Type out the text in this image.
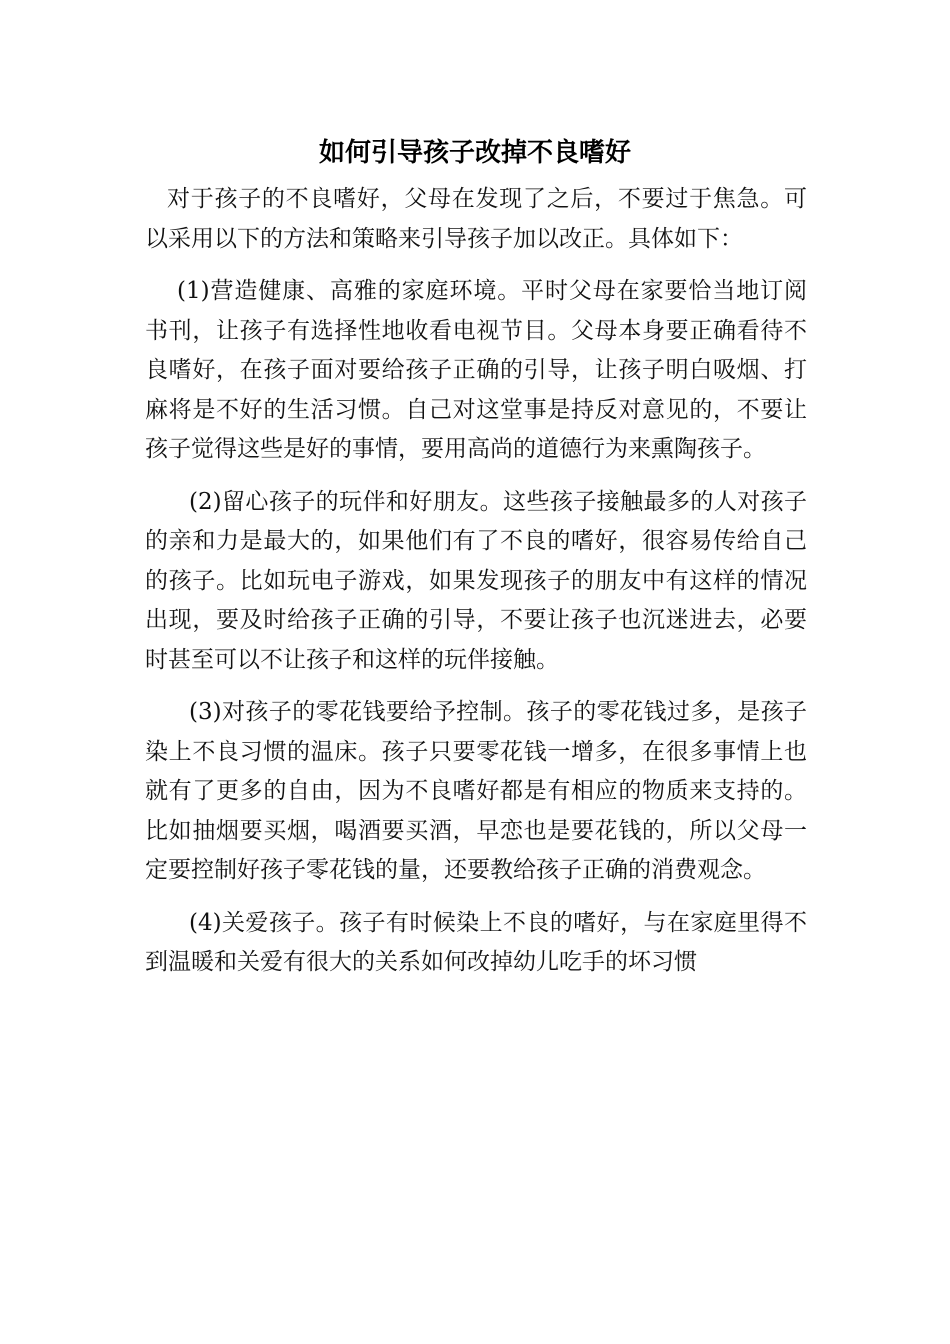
如何引导孩子改掉不良嗜好

对于孩子的不良嗜好，父母在发现了之后，不要过于焦急。可以采用以下的方法和策略来引导孩子加以改正。具体如下：

(1)营造健康、高雅的家庭环境。平时父母在家要恰当地订阅书刊，让孩子有选择性地收看电视节目。父母本身要正确看待不良嗜好，在孩子面对要给孩子正确的引导，让孩子明白吸烟、打麻将是不好的生活习惯。自己对这堂事是持反对意见的，不要让孩子觉得这些是好的事情，要用高尚的道德行为来熏陶孩子。

(2)留心孩子的玩伴和好朋友。这些孩子接触最多的人对孩子的亲和力是最大的，如果他们有了不良的嗜好，很容易传给自己的孩子。比如玩电子游戏，如果发现孩子的朋友中有这样的情况出现，要及时给孩子正确的引导，不要让孩子也沉迷进去，必要时甚至可以不让孩子和这样的玩伴接触。

(3)对孩子的零花钱要给予控制。孩子的零花钱过多，是孩子染上不良习惯的温床。孩子只要零花钱一增多，在很多事情上也就有了更多的自由，因为不良嗜好都是有相应的物质来支持的。比如抽烟要买烟，喝酒要买酒，早恋也是要花钱的，所以父母一定要控制好孩子零花钱的量，还要教给孩子正确的消费观念。

(4)关爱孩子。孩子有时候染上不良的嗜好，与在家庭里得不到温暖和关爱有很大的关系如何改掉幼儿吃手的坏习惯
